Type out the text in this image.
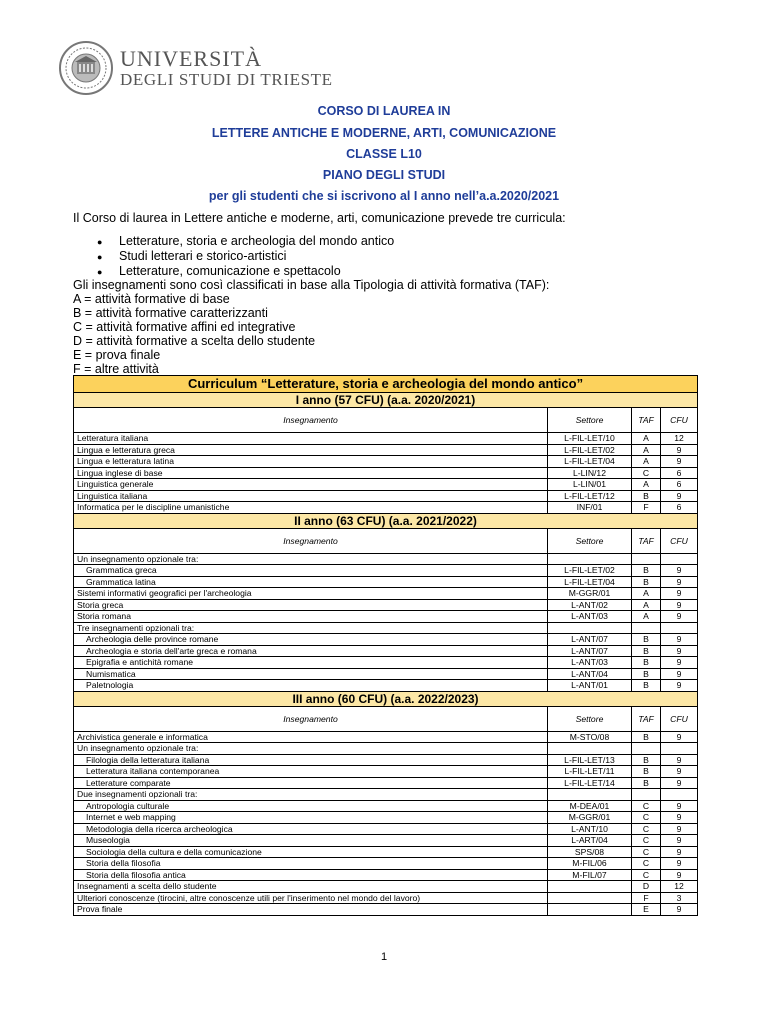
UNIVERSITÀ
DEGLI STUDI DI TRIESTE
CORSO DI LAUREA IN
LETTERE ANTICHE E MODERNE, ARTI, COMUNICAZIONE
CLASSE L10
PIANO DEGLI STUDI
per gli studenti che si iscrivono al I anno nell’a.a.2020/2021
Il Corso di laurea in Lettere antiche e moderne, arti, comunicazione prevede tre curricula:
● Letterature, storia e archeologia del mondo antico
● Studi letterari e storico-artistici
● Letterature, comunicazione e spettacolo
Gli insegnamenti sono così classificati in base alla Tipologia di attività formativa (TAF):
A = attività formative di base
B = attività formative caratterizzanti
C = attività formative affini ed integrative
D = attività formative a scelta dello studente
E = prova finale
F = altre attività
Curriculum “Letterature, storia e archeologia del mondo antico”			
I anno (57 CFU) (a.a. 2020/2021)			
Insegnamento	Settore	TAF	CFU
Letteratura italiana	L-FIL-LET/10	A	12
Lingua e letteratura greca	L-FIL-LET/02	A	9
Lingua e letteratura latina	L-FIL-LET/04	A	9
Lingua inglese di base	L-LIN/12	C	6
Linguistica generale	L-LIN/01	A	6
Linguistica italiana	L-FIL-LET/12	B	9
Informatica per le discipline umanistiche	INF/01	F	6
II anno (63 CFU) (a.a. 2021/2022)			
Insegnamento	Settore	TAF	CFU
Un insegnamento opzionale tra:			
Grammatica greca	L-FIL-LET/02	B	9
Grammatica latina	L-FIL-LET/04	B	9
Sistemi informativi geografici per l'archeologia	M-GGR/01	A	9
Storia greca	L-ANT/02	A	9
Storia romana	L-ANT/03	A	9
Tre insegnamenti opzionali tra:			
Archeologia delle province romane	L-ANT/07	B	9
Archeologia e storia dell'arte greca e romana	L-ANT/07	B	9
Epigrafia e antichità romane	L-ANT/03	B	9
Numismatica	L-ANT/04	B	9
Paletnologia	L-ANT/01	B	9
III anno (60 CFU) (a.a. 2022/2023)			
Insegnamento	Settore	TAF	CFU
Archivistica generale e informatica	M-STO/08	B	9
Un insegnamento opzionale tra:			
Filologia della letteratura italiana	L-FIL-LET/13	B	9
Letteratura italiana contemporanea	L-FIL-LET/11	B	9
Letterature comparate	L-FIL-LET/14	B	9
Due insegnamenti opzionali tra:			
Antropologia culturale	M-DEA/01	C	9
Internet e web mapping	M-GGR/01	C	9
Metodologia della ricerca archeologica	L-ANT/10	C	9
Museologia	L-ART/04	C	9
Sociologia della cultura e della comunicazione	SPS/08	C	9
Storia della filosofia	M-FIL/06	C	9
Storia della filosofia antica	M-FIL/07	C	9
Insegnamenti a scelta dello studente		D	12
Ulteriori conoscenze (tirocini, altre conoscenze utili per l'inserimento nel mondo del lavoro)		F	3
Prova finale		E	9
1
